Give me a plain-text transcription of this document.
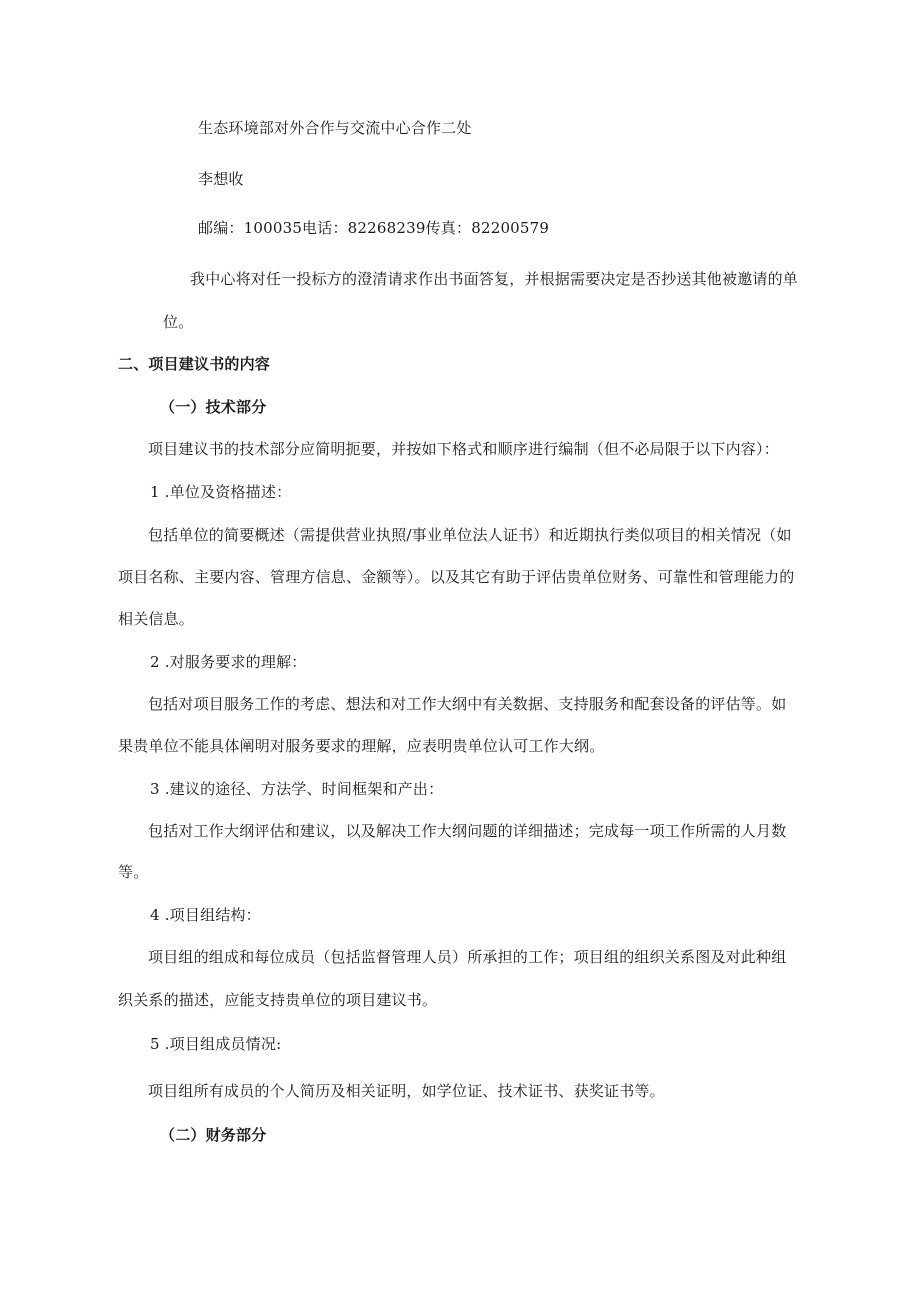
生态环境部对外合作与交流中心合作二处
李想收
邮编：100035电话：82268239传真：82200579
我中心将对任一投标方的澄清请求作出书面答复，并根据需要决定是否抄送其他被邀请的单
位。
二、项目建议书的内容
（一）技术部分
项目建议书的技术部分应简明扼要，并按如下格式和顺序进行编制（但不必局限于以下内容）：
1 .单位及资格描述：
包括单位的简要概述（需提供营业执照/事业单位法人证书）和近期执行类似项目的相关情况（如
项目名称、主要内容、管理方信息、金额等）。以及其它有助于评估贵单位财务、可靠性和管理能力的
相关信息。
2 .对服务要求的理解：
包括对项目服务工作的考虑、想法和对工作大纲中有关数据、支持服务和配套设备的评估等。如
果贵单位不能具体阐明对服务要求的理解，应表明贵单位认可工作大纲。
3 .建议的途径、方法学、时间框架和产出：
包括对工作大纲评估和建议，以及解决工作大纲问题的详细描述；完成每一项工作所需的人月数
等。
4 .项目组结构：
项目组的组成和每位成员（包括监督管理人员）所承担的工作；项目组的组织关系图及对此种组
织关系的描述，应能支持贵单位的项目建议书。
5 .项目组成员情况:
项目组所有成员的个人简历及相关证明，如学位证、技术证书、获奖证书等。
（二）财务部分
